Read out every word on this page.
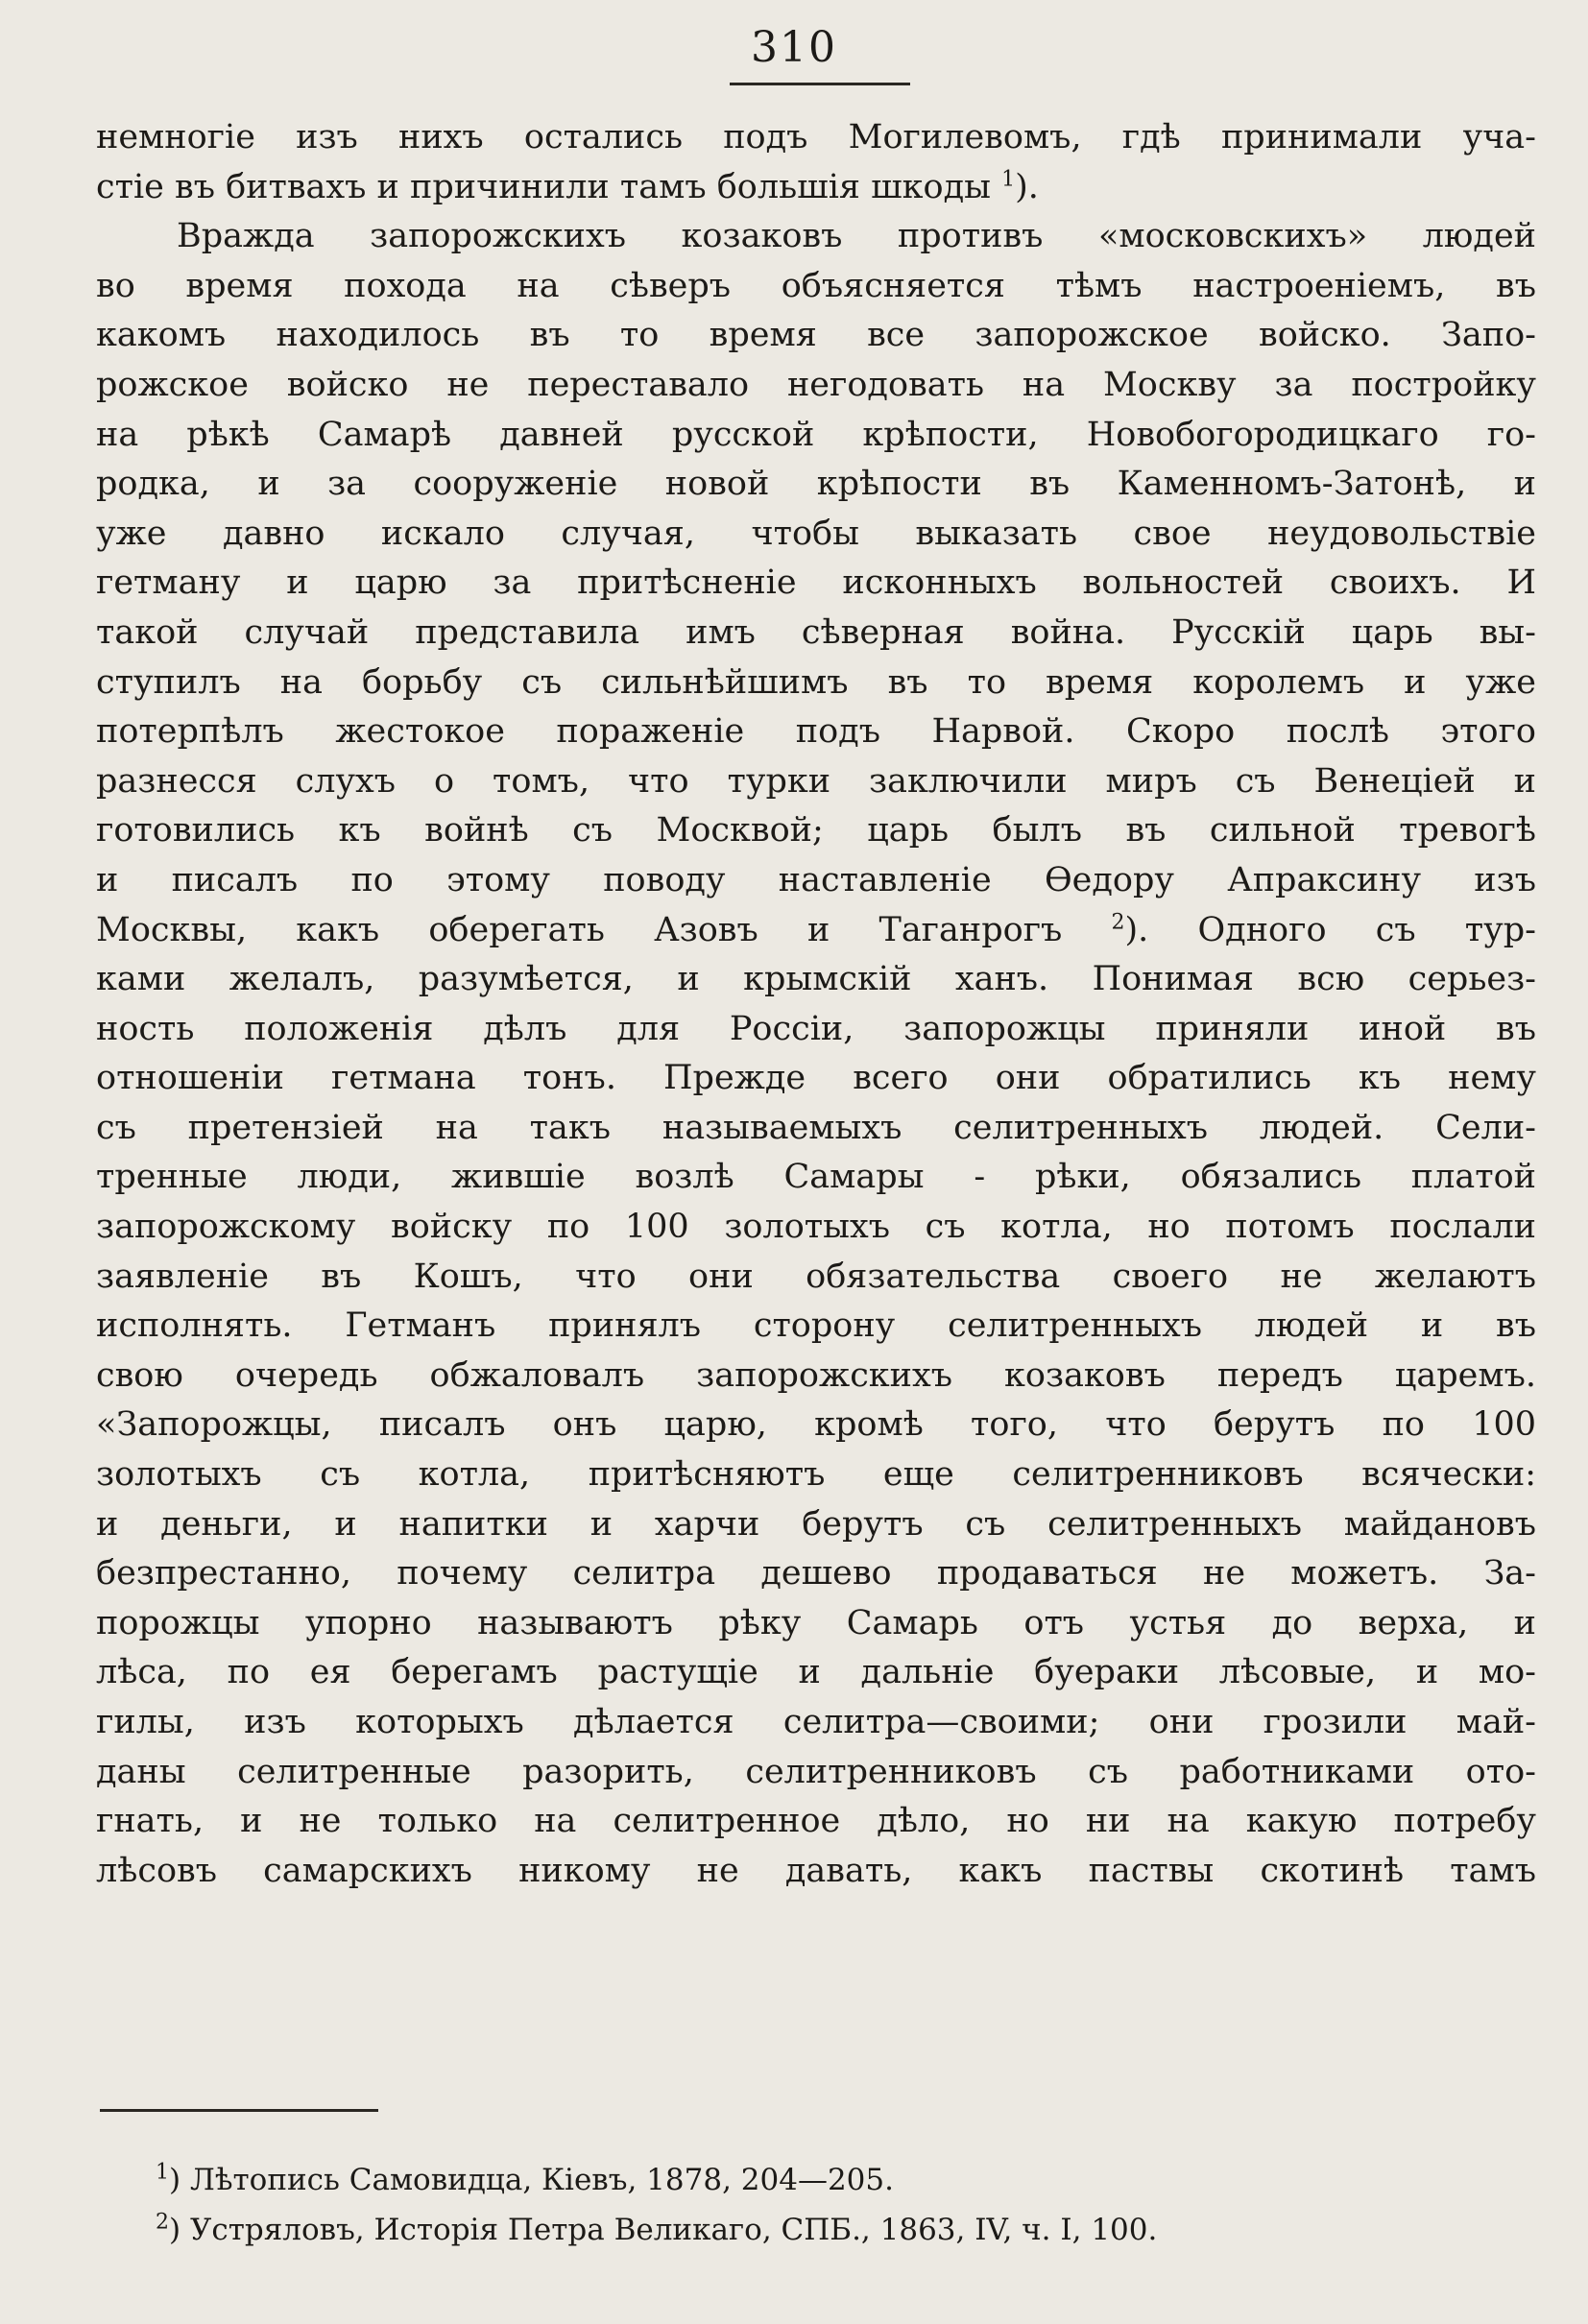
310
немногіе изъ нихъ остались подъ Могилевомъ, гдѣ принимали уча-
стіе въ битвахъ и причинили тамъ большія шкоды $^1$).
Вражда запорожскихъ козаковъ противъ «московскихъ» людей
во время похода на сѣверъ объясняется тѣмъ настроеніемъ, въ
какомъ находилось въ то время все запорожское войско. Запо-
рожское войско не переставало негодовать на Москву за постройку
на рѣкѣ Самарѣ давней русской крѣпости, Новобогородицкаго го-
родка, и за сооруженіе новой крѣпости въ Каменномъ-Затонѣ, и
уже давно искало случая, чтобы выказать свое неудовольствіе
гетману и царю за притѣсненіе исконныхъ вольностей своихъ. И
такой случай представила имъ сѣверная война. Русскій царь вы-
ступилъ на борьбу съ сильнѣйшимъ въ то время королемъ и уже
потерпѣлъ жестокое пораженіе подъ Нарвой. Скоро послѣ этого
разнесся слухъ о томъ, что турки заключили миръ съ Венеціей и
готовились къ войнѣ съ Москвой; царь былъ въ сильной тревогѣ
и писалъ по этому поводу наставленіе Ѳедору Апраксину изъ
Москвы, какъ оберегать Азовъ и Таганрогъ $^2$). Одного съ тур-
ками желалъ, разумѣется, и крымскій ханъ. Понимая всю серьез-
ность положенія дѣлъ для Россіи, запорожцы приняли иной въ
отношеніи гетмана тонъ. Прежде всего они обратились къ нему
съ претензіей на такъ называемыхъ селитренныхъ людей. Сели-
тренные люди, жившіе возлѣ Самары - рѣки, обязались платой
запорожскому войску по 100 золотыхъ съ котла, но потомъ послали
заявленіе въ Кошъ, что они обязательства своего не желаютъ
исполнять. Гетманъ принялъ сторону селитренныхъ людей и въ
свою очередь обжаловалъ запорожскихъ козаковъ передъ царемъ.
«Запорожцы, писалъ онъ царю, кромѣ того, что берутъ по 100
золотыхъ съ котла, притѣсняютъ еще селитренниковъ всячески:
и деньги, и напитки и харчи берутъ съ селитренныхъ майдановъ
безпрестанно, почему селитра дешево продаваться не можетъ. За-
порожцы упорно называютъ рѣку Самарь отъ устья до верха, и
лѣса, по ея берегамъ растущіе и дальніе буераки лѣсовые, и мо-
гилы, изъ которыхъ дѣлается селитра—своими; они грозили май-
даны селитренные разорить, селитренниковъ съ работниками ото-
гнать, и не только на селитренное дѣло, но ни на какую потребу
лѣсовъ самарскихъ никому не давать, какъ паствы скотинѣ тамъ
$^1$) Лѣтопись Самовидца, Кіевъ, 1878, 204—205.
$^2$) Устряловъ, Исторія Петра Великаго, СПБ., 1863, IV, ч. I, 100.
